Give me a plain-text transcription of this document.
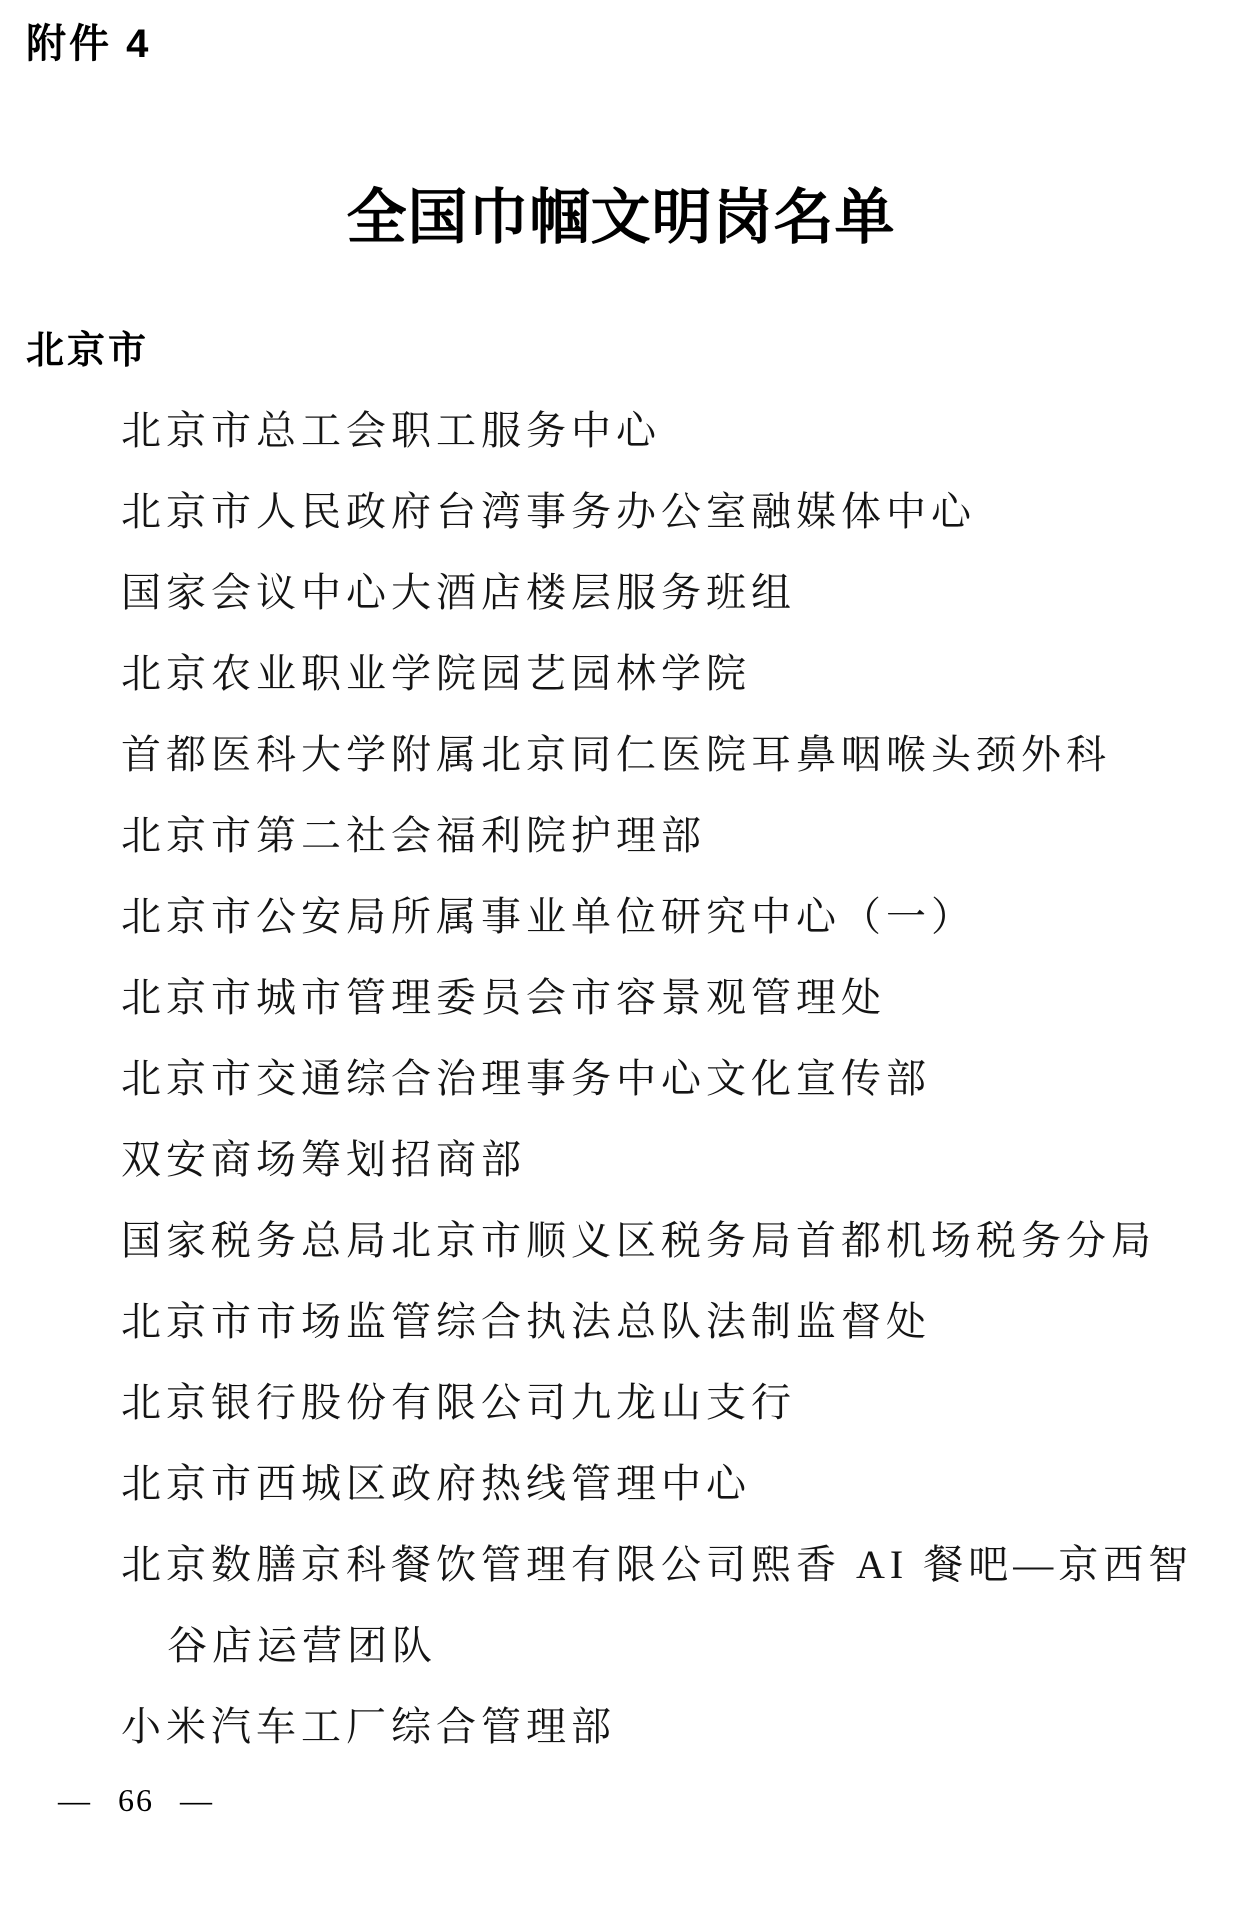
附件 4
全国巾帼文明岗名单
北京市
北京市总工会职工服务中心
北京市人民政府台湾事务办公室融媒体中心
国家会议中心大酒店楼层服务班组
北京农业职业学院园艺园林学院
首都医科大学附属北京同仁医院耳鼻咽喉头颈外科
北京市第二社会福利院护理部
北京市公安局所属事业单位研究中心（一）
北京市城市管理委员会市容景观管理处
北京市交通综合治理事务中心文化宣传部
双安商场筹划招商部
国家税务总局北京市顺义区税务局首都机场税务分局
北京市市场监管综合执法总队法制监督处
北京银行股份有限公司九龙山支行
北京市西城区政府热线管理中心
北京数膳京科餐饮管理有限公司熙香 AI 餐吧—京西智
谷店运营团队
小米汽车工厂综合管理部
— 66 —
